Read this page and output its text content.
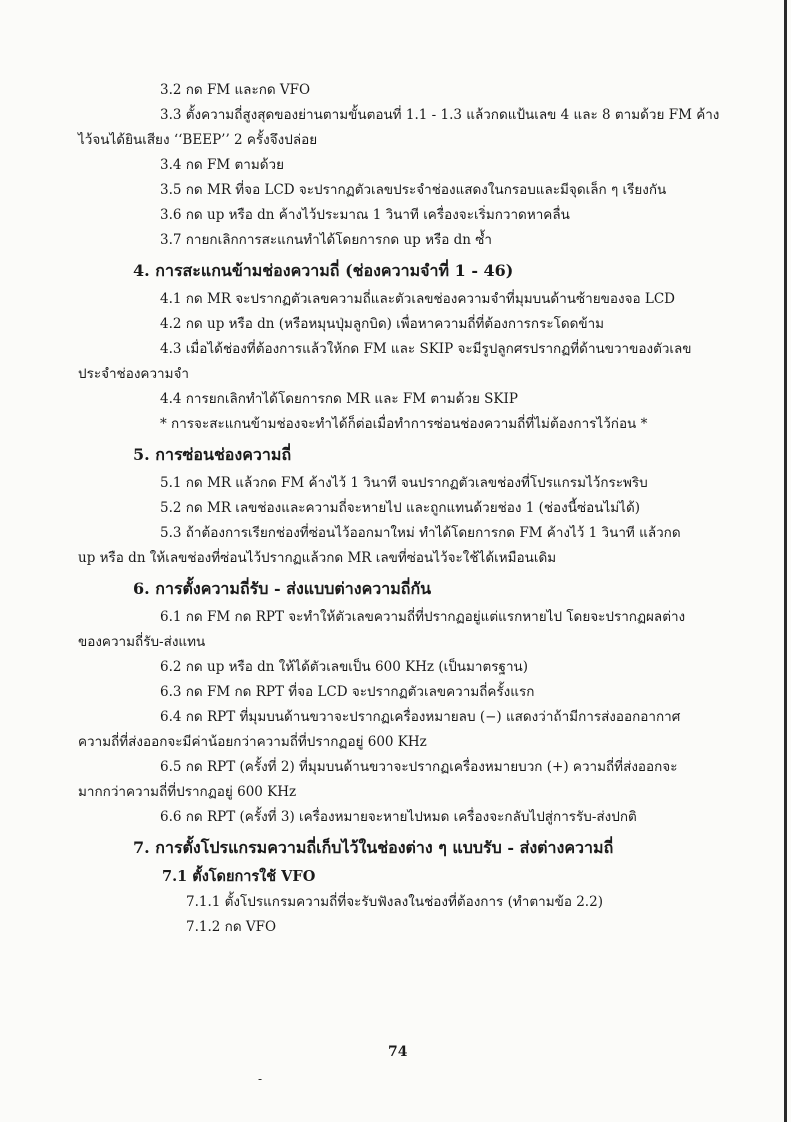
3.2 กด FM และกด VFO
3.3 ตั้งความถี่สูงสุดของย่านตามขั้นตอนที่ 1.1 - 1.3 แล้วกดแป้นเลข 4 และ 8 ตามด้วย FM ค้าง
ไว้จนได้ยินเสียง ‘‘BEEP’’ 2 ครั้งจึงปล่อย
3.4 กด FM ตามด้วย
3.5 กด MR ที่จอ LCD จะปรากฏตัวเลขประจำช่องแสดงในกรอบและมีจุดเล็ก ๆ เรียงกัน
3.6 กด up หรือ dn ค้างไว้ประมาณ 1 วินาที เครื่องจะเริ่มกวาดหาคลื่น
3.7 กายกเลิกการสะแกนทำได้โดยการกด up หรือ dn ซ้ำ
4. การสะแกนข้ามช่องความถี่ (ช่องความจำที่ 1 - 46)
4.1 กด MR จะปรากฏตัวเลขความถี่และตัวเลขช่องความจำที่มุมบนด้านซ้ายของจอ LCD
4.2 กด up หรือ dn (หรือหมุนปุ่มลูกบิด) เพื่อหาความถี่ที่ต้องการกระโดดข้าม
4.3 เมื่อได้ช่องที่ต้องการแล้วให้กด FM และ SKIP จะมีรูปลูกศรปรากฏที่ด้านขวาของตัวเลข
ประจำช่องความจำ
4.4 การยกเลิกทำได้โดยการกด MR และ FM ตามด้วย SKIP
* การจะสะแกนข้ามช่องจะทำได้ก็ต่อเมื่อทำการซ่อนช่องความถี่ที่ไม่ต้องการไว้ก่อน *
5. การซ่อนช่องความถี่
5.1 กด MR แล้วกด FM ค้างไว้ 1 วินาที จนปรากฏตัวเลขช่องที่โปรแกรมไว้กระพริบ
5.2 กด MR เลขช่องและความถี่จะหายไป และถูกแทนด้วยช่อง 1 (ช่องนี้ซ่อนไม่ได้)
5.3 ถ้าต้องการเรียกช่องที่ซ่อนไว้ออกมาใหม่ ทำได้โดยการกด FM ค้างไว้ 1 วินาที แล้วกด
up หรือ dn ให้เลขช่องที่ซ่อนไว้ปรากฏแล้วกด MR เลขที่ซ่อนไว้จะใช้ได้เหมือนเดิม
6. การตั้งความถี่รับ - ส่งแบบต่างความถี่กัน
6.1 กด FM กด RPT จะทำให้ตัวเลขความถี่ที่ปรากฏอยู่แต่แรกหายไป โดยจะปรากฏผลต่าง
ของความถี่รับ-ส่งแทน
6.2 กด up หรือ dn ให้ได้ตัวเลขเป็น 600 KHz (เป็นมาตรฐาน)
6.3 กด FM กด RPT ที่จอ LCD จะปรากฏตัวเลขความถี่ครั้งแรก
6.4 กด RPT ที่มุมบนด้านขวาจะปรากฏเครื่องหมายลบ (−) แสดงว่าถ้ามีการส่งออกอากาศ
ความถี่ที่ส่งออกจะมีค่าน้อยกว่าความถี่ที่ปรากฏอยู่ 600 KHz
6.5 กด RPT (ครั้งที่ 2) ที่มุมบนด้านขวาจะปรากฏเครื่องหมายบวก (+) ความถี่ที่ส่งออกจะ
มากกว่าความถี่ที่ปรากฏอยู่ 600 KHz
6.6 กด RPT (ครั้งที่ 3) เครื่องหมายจะหายไปหมด เครื่องจะกลับไปสู่การรับ-ส่งปกติ
7. การตั้งโปรแกรมความถี่เก็บไว้ในช่องต่าง ๆ แบบรับ - ส่งต่างความถี่
7.1 ตั้งโดยการใช้ VFO
7.1.1 ตั้งโปรแกรมความถี่ที่จะรับฟังลงในช่องที่ต้องการ (ทำตามข้อ 2.2)
7.1.2 กด VFO
74
-
